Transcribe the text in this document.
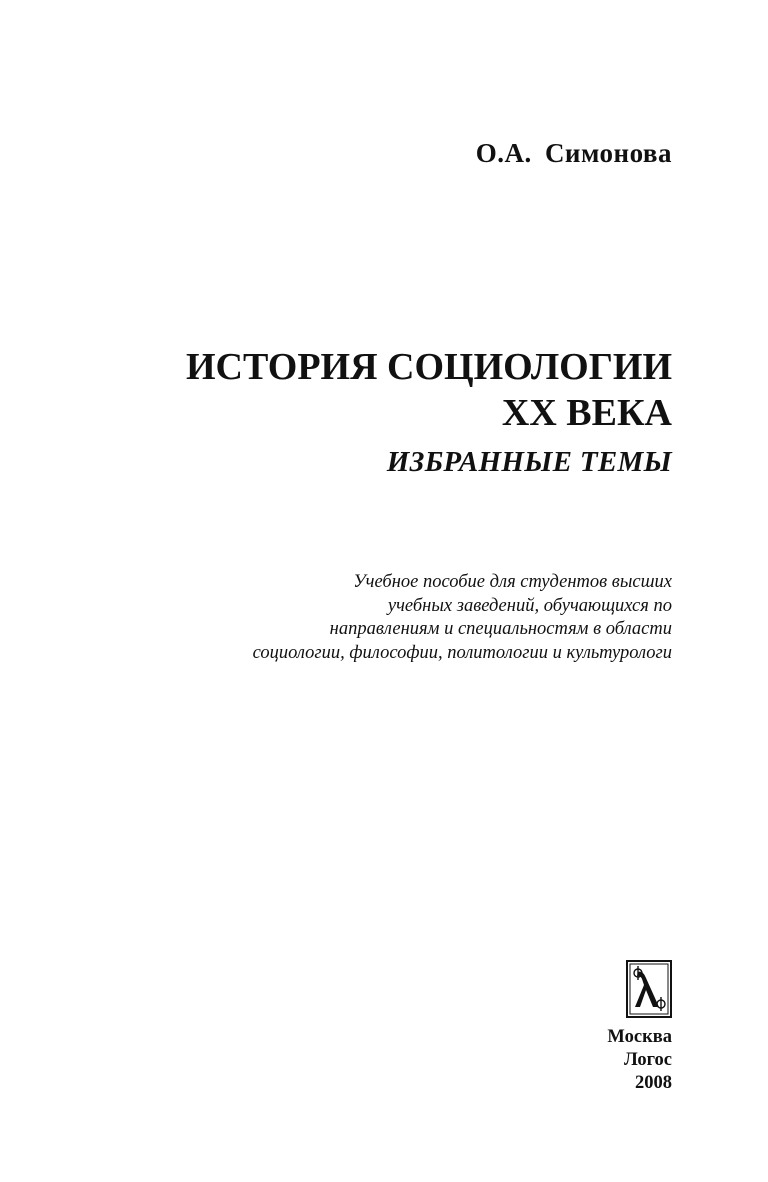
О.А. Симонова
ИСТОРИЯ СОЦИОЛОГИИ
XX ВЕКА
ИЗБРАННЫЕ ТЕМЫ
Учебное пособие для студентов высших
учебных заведений, обучающихся по
направлениям и специальностям в области
социологии, философии, политологии и культурологи
Москва
Логос
2008
